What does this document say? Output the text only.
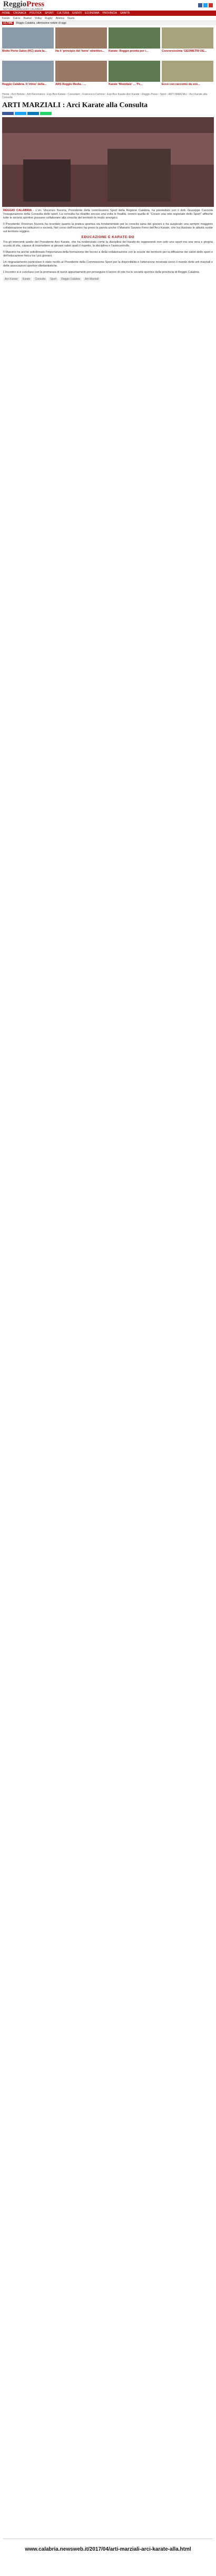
ReggioPress
NOTIZIE DA REGGIO CALABRIA
HOME CRONACA POLITICA SPORT CULTURA EVENTI ECONOMIA PROVINCIA SANITÀ
Karate Calcio Basket Volley Rugby Atletica Nuoto
ULTIME	Reggio Calabria, ultimissime notizie di oggi
Molto Porto Salvo (RC) aiuta la...	Ha il 'principio del 'bene' obiettivo...	Karate: Reggio pronta per i...	Concorsissima 'GEOMETRI DE...
Reggio Calabria. Il 'ritmo' della...	ARS Reggio Media - ...	Karate 'Mondiale' ... 'Pr...	Ecco con racconto da svo...
Home › Arci-Notizie › Arti Recensioni › Esp-Box-Karate › Consolare › Francesco Cutrone › Esp-Box Karate-Arci Karate › Reggio Press › Sport › ARTI MARZIALI : Arci Karate alla Consulta
ARTI MARZIALI : Arci Karate alla Consulta

REGGIO CALABRIA - L'on. Vincenzo Nucera, Presidente della commissione Sport della Regione Calabria, ha presieduto con il dott. Giuseppe Cacciola l'inaugurazione della Consulta dello sport. La consulta ha ribadito ancora una volta le finalità, ovvero quella di "Creare una rete regionale dello Sport" affinché tutte le società sportive possano collaborare alla crescita del territorio in modo sinergico.

Il Presidente Vincenzo Nucera ha ricordato quanto la pratica sportiva sia fondamentale per la crescita sana dei giovani e ha auspicato una sempre maggiore collaborazione tra istituzioni e società. Nel corso dell'incontro ha preso la parola anche il Maestro Saverio Ferro dell'Arci Karate, che ha illustrato le attività svolte sul territorio reggino.

EDUCAZIONE E KARATE-DO

Tra gli interventi quello del Presidente Arci Karate, che ha evidenziato come la disciplina del karate-do rappresenti non solo uno sport ma una vera e propria scuola di vita, capace di trasmettere ai giovani valori quali il rispetto, la disciplina e l'autocontrollo.

Il Maestro ha anche sottolineato l'importanza della formazione dei tecnici e della collaborazione con le scuole del territorio per la diffusione dei valori dello sport e dell'educazione fisica tra i più giovani.

Un ringraziamento particolare è stato rivolto al Presidente della Commissione Sport per la disponibilità e l'attenzione mostrata verso il mondo delle arti marziali e delle associazioni sportive dilettantistiche.

L'incontro si è concluso con la promessa di nuovi appuntamenti per proseguire il lavoro di rete tra le società sportive della provincia di Reggio Calabria.

Arci Karate	Karate	Consulta	Sport	Reggio Calabria	Arti Marziali
www.calabria.newsweb.it/2017/04/arti-marziali-arci-karate-alla.html
